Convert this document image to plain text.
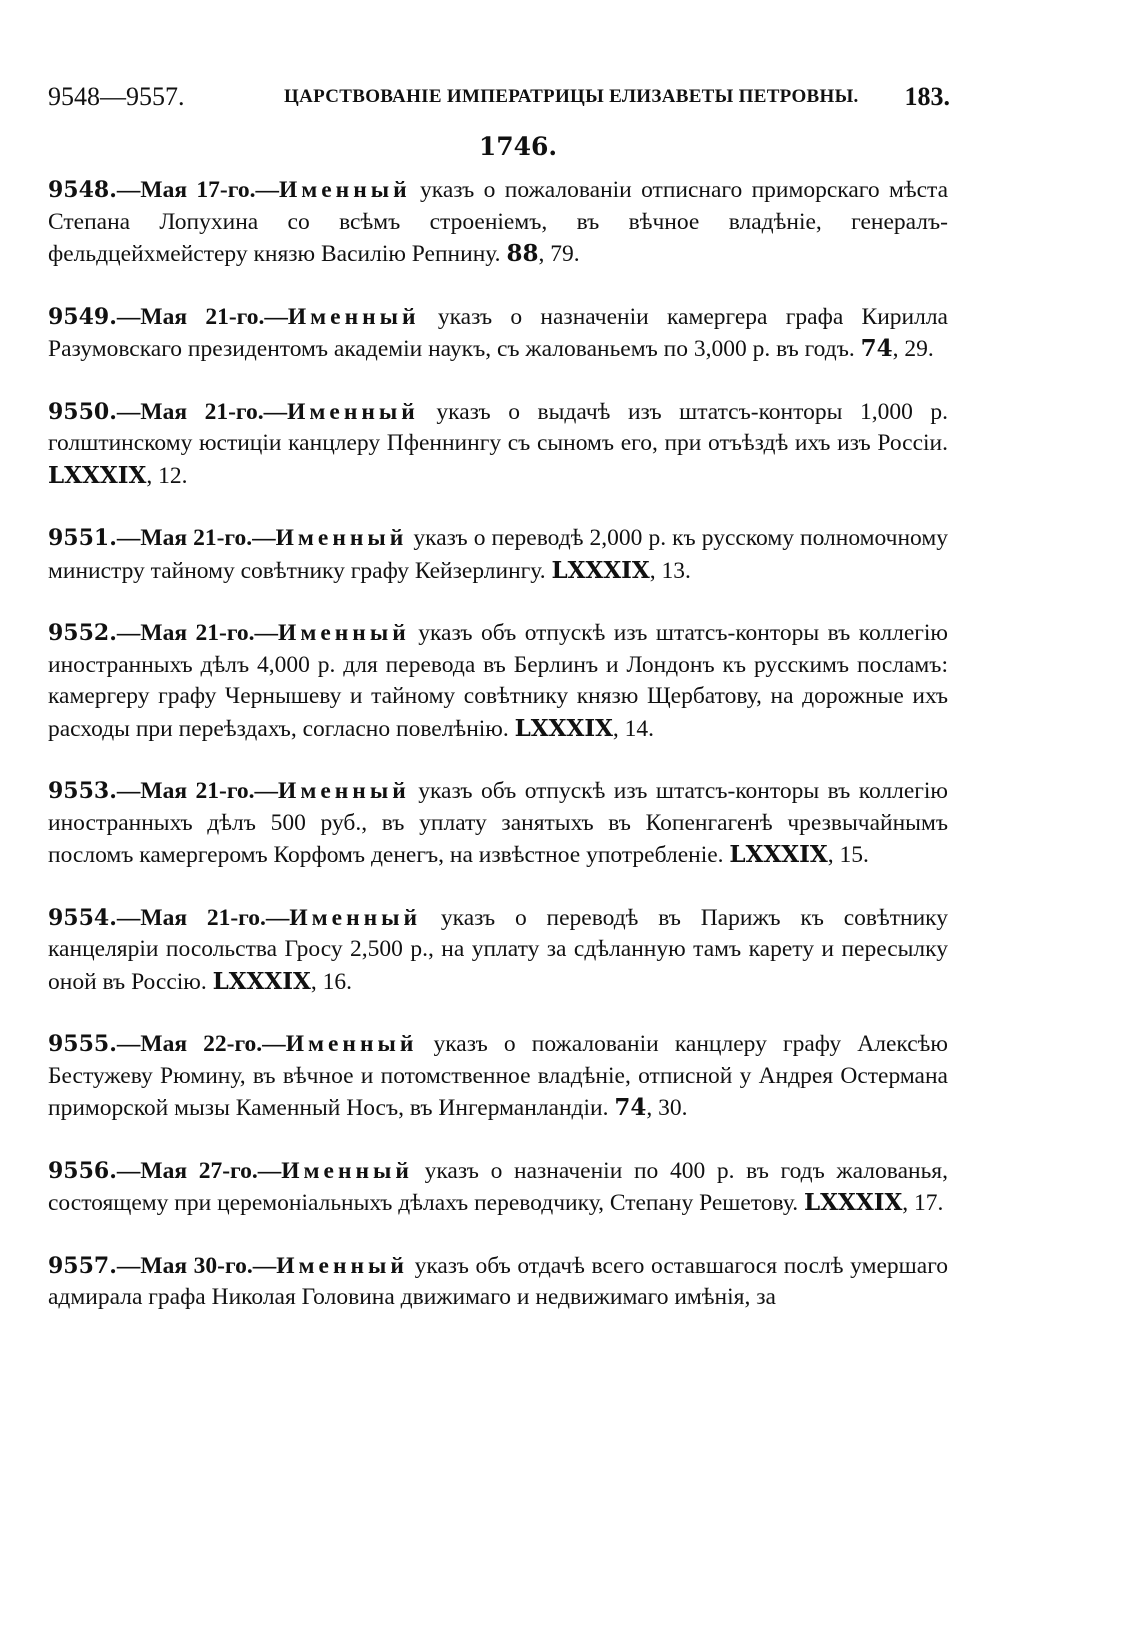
9548—9557.	ЦАРСТВОВАНІЕ ИМПЕРАТРИЦЫ ЕЛИЗАВЕТЫ ПЕТРОВНЫ. 183.
1746.

9548.—Мая 17-го.—Именный указъ о пожалованіи отписнаго приморскаго мѣста Степана Лопухина со всѣмъ строеніемъ, въ вѣчное владѣніе, генералъ-фельдцейхмейстеру князю Василію Репнину. 88, 79.

9549.—Мая 21-го.—Именный указъ о назначеніи камергера графа Кирилла Разумовскаго президентомъ академіи наукъ, съ жалованьемъ по 3,000 р. въ годъ. 74, 29.

9550.—Мая 21-го.—Именный указъ о выдачѣ изъ штатсъ-конторы 1,000 р. голштинскому юстиціи канцлеру Пфеннингу съ сыномъ его, при отъѣздѣ ихъ изъ Россіи. LXXXIX, 12.

9551.—Мая 21-го.—Именный указъ о переводѣ 2,000 р. къ русскому полномочному министру тайному совѣтнику графу Кейзерлингу. LXXXIX, 13.

9552.—Мая 21-го.—Именный указъ объ отпускѣ изъ штатсъ-конторы въ коллегію иностранныхъ дѣлъ 4,000 р. для перевода въ Берлинъ и Лондонъ къ русскимъ посламъ: камергеру графу Чернышеву и тайному совѣтнику князю Щербатову, на дорожные ихъ расходы при переѣздахъ, согласно повелѣнію. LXXXIX, 14.

9553.—Мая 21-го.—Именный указъ объ отпускѣ изъ штатсъ-конторы въ коллегію иностранныхъ дѣлъ 500 руб., въ уплату занятыхъ въ Копенгагенѣ чрезвычайнымъ посломъ камергеромъ Корфомъ денегъ, на извѣстное употребленіе. LXXXIX, 15.

9554.—Мая 21-го.—Именный указъ о переводѣ въ Парижъ къ совѣтнику канцеляріи посольства Гросу 2,500 р., на уплату за сдѣланную тамъ карету и пересылку оной въ Россію. LXXXIX, 16.

9555.—Мая 22-го.—Именный указъ о пожалованіи канцлеру графу Алексѣю Бестужеву Рюмину, въ вѣчное и потомственное владѣніе, отписной у Андрея Остермана приморской мызы Каменный Носъ, въ Ингерманландіи. 74, 30.

9556.—Мая 27-го.—Именный указъ о назначеніи по 400 р. въ годъ жалованья, состоящему при церемоніальныхъ дѣлахъ переводчику, Степану Решетову. LXXXIX, 17.

9557.—Мая 30-го.—Именный указъ объ отдачѣ всего оставшагося послѣ умершаго адмирала графа Николая Головина движимаго и недвижимаго имѣнія, за
